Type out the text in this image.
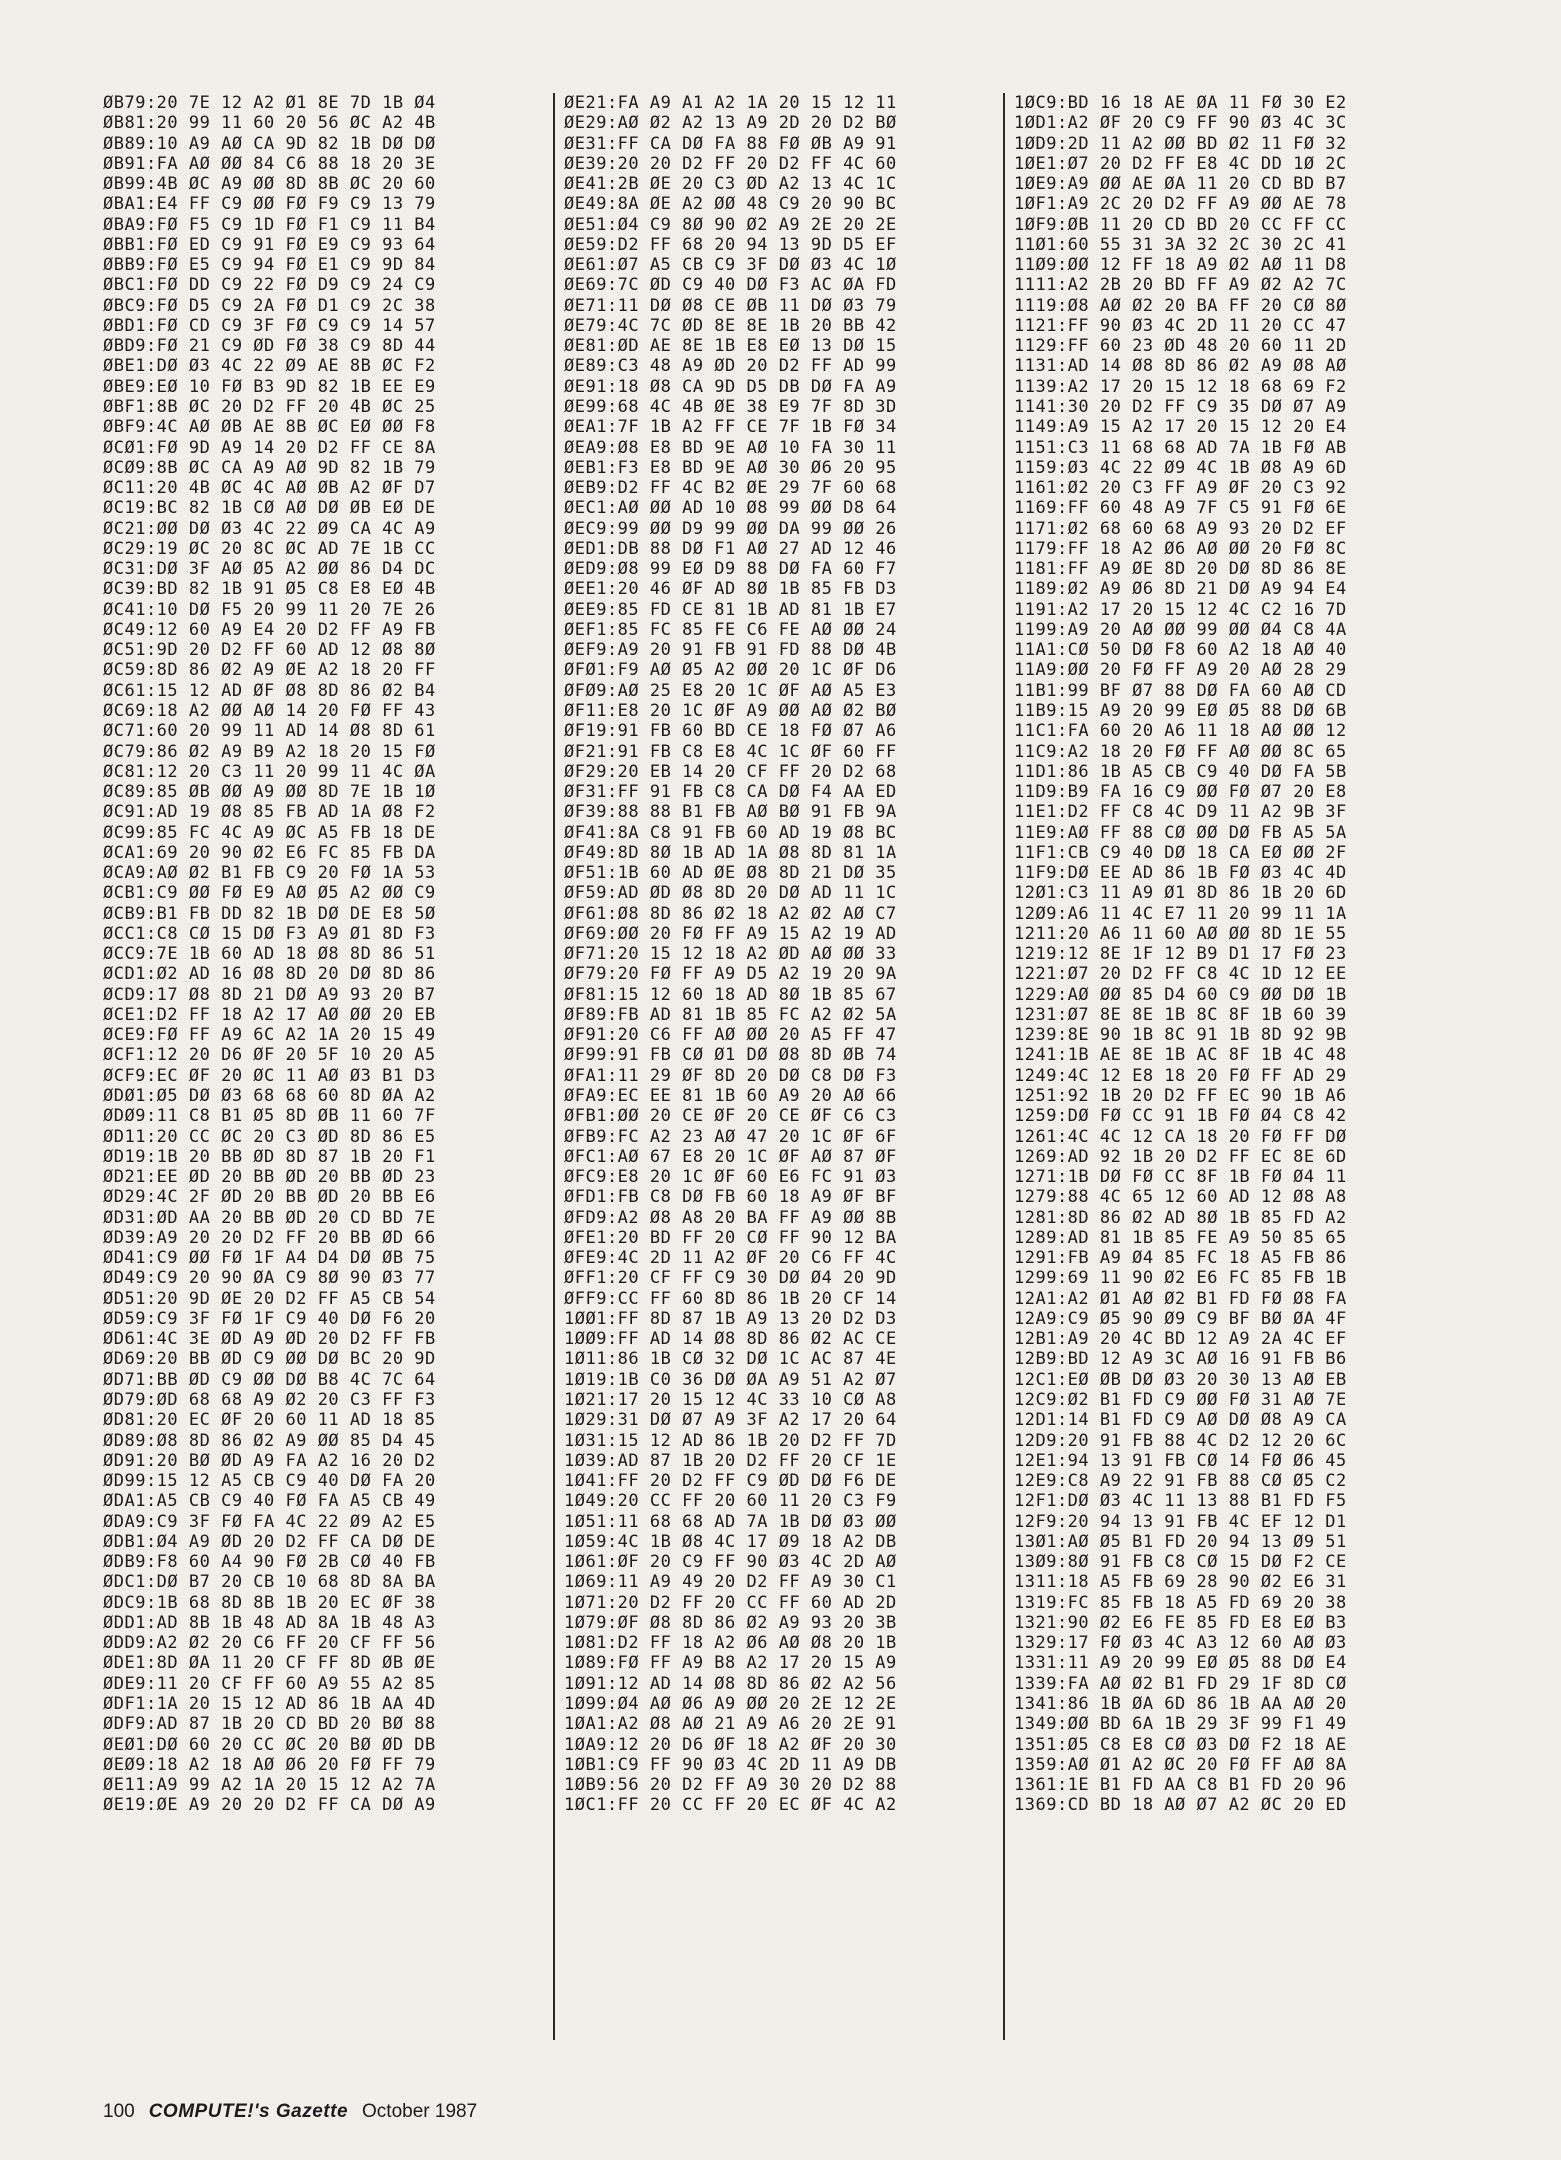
ØB79:20 7E 12 A2 Ø1 8E 7D 1B Ø4
ØB81:20 99 11 60 20 56 ØC A2 4B
ØB89:10 A9 AØ CA 9D 82 1B DØ DØ
ØB91:FA AØ ØØ 84 C6 88 18 20 3E
ØB99:4B ØC A9 ØØ 8D 8B ØC 20 60
ØBA1:E4 FF C9 ØØ FØ F9 C9 13 79
ØBA9:FØ F5 C9 1D FØ F1 C9 11 B4
ØBB1:FØ ED C9 91 FØ E9 C9 93 64
ØBB9:FØ E5 C9 94 FØ E1 C9 9D 84
ØBC1:FØ DD C9 22 FØ D9 C9 24 C9
ØBC9:FØ D5 C9 2A FØ D1 C9 2C 38
ØBD1:FØ CD C9 3F FØ C9 C9 14 57
ØBD9:FØ 21 C9 ØD FØ 38 C9 8D 44
ØBE1:DØ Ø3 4C 22 Ø9 AE 8B ØC F2
ØBE9:EØ 10 FØ B3 9D 82 1B EE E9
ØBF1:8B ØC 20 D2 FF 20 4B ØC 25
ØBF9:4C AØ ØB AE 8B ØC EØ ØØ F8
ØCØ1:FØ 9D A9 14 20 D2 FF CE 8A
ØCØ9:8B ØC CA A9 AØ 9D 82 1B 79
ØC11:20 4B ØC 4C AØ ØB A2 ØF D7
ØC19:BC 82 1B CØ AØ DØ ØB EØ DE
ØC21:ØØ DØ Ø3 4C 22 Ø9 CA 4C A9
ØC29:19 ØC 20 8C ØC AD 7E 1B CC
ØC31:DØ 3F AØ Ø5 A2 ØØ 86 D4 DC
ØC39:BD 82 1B 91 Ø5 C8 E8 EØ 4B
ØC41:10 DØ F5 20 99 11 20 7E 26
ØC49:12 60 A9 E4 20 D2 FF A9 FB
ØC51:9D 20 D2 FF 60 AD 12 Ø8 8Ø
ØC59:8D 86 Ø2 A9 ØE A2 18 20 FF
ØC61:15 12 AD ØF Ø8 8D 86 Ø2 B4
ØC69:18 A2 ØØ AØ 14 20 FØ FF 43
ØC71:60 20 99 11 AD 14 Ø8 8D 61
ØC79:86 Ø2 A9 B9 A2 18 20 15 FØ
ØC81:12 20 C3 11 20 99 11 4C ØA
ØC89:85 ØB ØØ A9 ØØ 8D 7E 1B 1Ø
ØC91:AD 19 Ø8 85 FB AD 1A Ø8 F2
ØC99:85 FC 4C A9 ØC A5 FB 18 DE
ØCA1:69 20 90 Ø2 E6 FC 85 FB DA
ØCA9:AØ Ø2 B1 FB C9 20 FØ 1A 53
ØCB1:C9 ØØ FØ E9 AØ Ø5 A2 ØØ C9
ØCB9:B1 FB DD 82 1B DØ DE E8 5Ø
ØCC1:C8 CØ 15 DØ F3 A9 Ø1 8D F3
ØCC9:7E 1B 60 AD 18 Ø8 8D 86 51
ØCD1:Ø2 AD 16 Ø8 8D 20 DØ 8D 86
ØCD9:17 Ø8 8D 21 DØ A9 93 20 B7
ØCE1:D2 FF 18 A2 17 AØ ØØ 20 EB
ØCE9:FØ FF A9 6C A2 1A 20 15 49
ØCF1:12 20 D6 ØF 20 5F 10 20 A5
ØCF9:EC ØF 20 ØC 11 AØ Ø3 B1 D3
ØDØ1:Ø5 DØ Ø3 68 68 60 8D ØA A2
ØDØ9:11 C8 B1 Ø5 8D ØB 11 60 7F
ØD11:20 CC ØC 20 C3 ØD 8D 86 E5
ØD19:1B 20 BB ØD 8D 87 1B 20 F1
ØD21:EE ØD 20 BB ØD 20 BB ØD 23
ØD29:4C 2F ØD 20 BB ØD 20 BB E6
ØD31:ØD AA 20 BB ØD 20 CD BD 7E
ØD39:A9 20 20 D2 FF 20 BB ØD 66
ØD41:C9 ØØ FØ 1F A4 D4 DØ ØB 75
ØD49:C9 20 90 ØA C9 8Ø 90 Ø3 77
ØD51:20 9D ØE 20 D2 FF A5 CB 54
ØD59:C9 3F FØ 1F C9 40 DØ F6 20
ØD61:4C 3E ØD A9 ØD 20 D2 FF FB
ØD69:20 BB ØD C9 ØØ DØ BC 20 9D
ØD71:BB ØD C9 ØØ DØ B8 4C 7C 64
ØD79:ØD 68 68 A9 Ø2 20 C3 FF F3
ØD81:20 EC ØF 20 60 11 AD 18 85
ØD89:Ø8 8D 86 Ø2 A9 ØØ 85 D4 45
ØD91:20 BØ ØD A9 FA A2 16 20 D2
ØD99:15 12 A5 CB C9 40 DØ FA 20
ØDA1:A5 CB C9 40 FØ FA A5 CB 49
ØDA9:C9 3F FØ FA 4C 22 Ø9 A2 E5
ØDB1:Ø4 A9 ØD 20 D2 FF CA DØ DE
ØDB9:F8 60 A4 90 FØ 2B CØ 40 FB
ØDC1:DØ B7 20 CB 10 68 8D 8A BA
ØDC9:1B 68 8D 8B 1B 20 EC ØF 38
ØDD1:AD 8B 1B 48 AD 8A 1B 48 A3
ØDD9:A2 Ø2 20 C6 FF 20 CF FF 56
ØDE1:8D ØA 11 20 CF FF 8D ØB ØE
ØDE9:11 20 CF FF 60 A9 55 A2 85
ØDF1:1A 20 15 12 AD 86 1B AA 4D
ØDF9:AD 87 1B 20 CD BD 20 BØ 88
ØEØ1:DØ 60 20 CC ØC 20 BØ ØD DB
ØEØ9:18 A2 18 AØ Ø6 20 FØ FF 79
ØE11:A9 99 A2 1A 20 15 12 A2 7A
ØE19:ØE A9 20 20 D2 FF CA DØ A9
ØE21:FA A9 A1 A2 1A 20 15 12 11
ØE29:AØ Ø2 A2 13 A9 2D 20 D2 BØ
ØE31:FF CA DØ FA 88 FØ ØB A9 91
ØE39:20 20 D2 FF 20 D2 FF 4C 60
ØE41:2B ØE 20 C3 ØD A2 13 4C 1C
ØE49:8A ØE A2 ØØ 48 C9 20 90 BC
ØE51:Ø4 C9 8Ø 90 Ø2 A9 2E 20 2E
ØE59:D2 FF 68 20 94 13 9D D5 EF
ØE61:Ø7 A5 CB C9 3F DØ Ø3 4C 1Ø
ØE69:7C ØD C9 40 DØ F3 AC ØA FD
ØE71:11 DØ Ø8 CE ØB 11 DØ Ø3 79
ØE79:4C 7C ØD 8E 8E 1B 20 BB 42
ØE81:ØD AE 8E 1B E8 EØ 13 DØ 15
ØE89:C3 48 A9 ØD 20 D2 FF AD 99
ØE91:18 Ø8 CA 9D D5 DB DØ FA A9
ØE99:68 4C 4B ØE 38 E9 7F 8D 3D
ØEA1:7F 1B A2 FF CE 7F 1B FØ 34
ØEA9:Ø8 E8 BD 9E AØ 10 FA 30 11
ØEB1:F3 E8 BD 9E AØ 30 Ø6 20 95
ØEB9:D2 FF 4C B2 ØE 29 7F 60 68
ØEC1:AØ ØØ AD 10 Ø8 99 ØØ D8 64
ØEC9:99 ØØ D9 99 ØØ DA 99 ØØ 26
ØED1:DB 88 DØ F1 AØ 27 AD 12 46
ØED9:Ø8 99 EØ D9 88 DØ FA 60 F7
ØEE1:20 46 ØF AD 8Ø 1B 85 FB D3
ØEE9:85 FD CE 81 1B AD 81 1B E7
ØEF1:85 FC 85 FE C6 FE AØ ØØ 24
ØEF9:A9 20 91 FB 91 FD 88 DØ 4B
ØFØ1:F9 AØ Ø5 A2 ØØ 20 1C ØF D6
ØFØ9:AØ 25 E8 20 1C ØF AØ A5 E3
ØF11:E8 20 1C ØF A9 ØØ AØ Ø2 BØ
ØF19:91 FB 60 BD CE 18 FØ Ø7 A6
ØF21:91 FB C8 E8 4C 1C ØF 60 FF
ØF29:20 EB 14 20 CF FF 20 D2 68
ØF31:FF 91 FB C8 CA DØ F4 AA ED
ØF39:88 88 B1 FB AØ BØ 91 FB 9A
ØF41:8A C8 91 FB 60 AD 19 Ø8 BC
ØF49:8D 8Ø 1B AD 1A Ø8 8D 81 1A
ØF51:1B 60 AD ØE Ø8 8D 21 DØ 35
ØF59:AD ØD Ø8 8D 20 DØ AD 11 1C
ØF61:Ø8 8D 86 Ø2 18 A2 Ø2 AØ C7
ØF69:ØØ 20 FØ FF A9 15 A2 19 AD
ØF71:20 15 12 18 A2 ØD AØ ØØ 33
ØF79:20 FØ FF A9 D5 A2 19 20 9A
ØF81:15 12 60 18 AD 8Ø 1B 85 67
ØF89:FB AD 81 1B 85 FC A2 Ø2 5A
ØF91:20 C6 FF AØ ØØ 20 A5 FF 47
ØF99:91 FB CØ Ø1 DØ Ø8 8D ØB 74
ØFA1:11 29 ØF 8D 20 DØ C8 DØ F3
ØFA9:EC EE 81 1B 60 A9 20 AØ 66
ØFB1:ØØ 20 CE ØF 20 CE ØF C6 C3
ØFB9:FC A2 23 AØ 47 20 1C ØF 6F
ØFC1:AØ 67 E8 20 1C ØF AØ 87 ØF
ØFC9:E8 20 1C ØF 60 E6 FC 91 Ø3
ØFD1:FB C8 DØ FB 60 18 A9 ØF BF
ØFD9:A2 Ø8 A8 20 BA FF A9 ØØ 8B
ØFE1:20 BD FF 20 CØ FF 90 12 BA
ØFE9:4C 2D 11 A2 ØF 20 C6 FF 4C
ØFF1:20 CF FF C9 30 DØ Ø4 20 9D
ØFF9:CC FF 60 8D 86 1B 20 CF 14
1ØØ1:FF 8D 87 1B A9 13 20 D2 D3
1ØØ9:FF AD 14 Ø8 8D 86 Ø2 AC CE
1Ø11:86 1B CØ 32 DØ 1C AC 87 4E
1Ø19:1B C0 36 DØ ØA A9 51 A2 Ø7
1Ø21:17 20 15 12 4C 33 10 CØ A8
1Ø29:31 DØ Ø7 A9 3F A2 17 20 64
1Ø31:15 12 AD 86 1B 20 D2 FF 7D
1Ø39:AD 87 1B 20 D2 FF 20 CF 1E
1Ø41:FF 20 D2 FF C9 ØD DØ F6 DE
1Ø49:20 CC FF 20 60 11 20 C3 F9
1Ø51:11 68 68 AD 7A 1B DØ Ø3 ØØ
1Ø59:4C 1B Ø8 4C 17 Ø9 18 A2 DB
1Ø61:ØF 20 C9 FF 90 Ø3 4C 2D AØ
1Ø69:11 A9 49 20 D2 FF A9 30 C1
1Ø71:20 D2 FF 20 CC FF 60 AD 2D
1Ø79:ØF Ø8 8D 86 Ø2 A9 93 20 3B
1Ø81:D2 FF 18 A2 Ø6 AØ Ø8 20 1B
1Ø89:FØ FF A9 B8 A2 17 20 15 A9
1Ø91:12 AD 14 Ø8 8D 86 Ø2 A2 56
1Ø99:Ø4 AØ Ø6 A9 ØØ 20 2E 12 2E
1ØA1:A2 Ø8 AØ 21 A9 A6 20 2E 91
1ØA9:12 20 D6 ØF 18 A2 ØF 20 30
1ØB1:C9 FF 90 Ø3 4C 2D 11 A9 DB
1ØB9:56 20 D2 FF A9 30 20 D2 88
1ØC1:FF 20 CC FF 20 EC ØF 4C A2
1ØC9:BD 16 18 AE ØA 11 FØ 30 E2
1ØD1:A2 ØF 20 C9 FF 90 Ø3 4C 3C
1ØD9:2D 11 A2 ØØ BD Ø2 11 FØ 32
1ØE1:Ø7 20 D2 FF E8 4C DD 1Ø 2C
1ØE9:A9 ØØ AE ØA 11 20 CD BD B7
1ØF1:A9 2C 20 D2 FF A9 ØØ AE 78
1ØF9:ØB 11 20 CD BD 20 CC FF CC
11Ø1:60 55 31 3A 32 2C 30 2C 41
11Ø9:ØØ 12 FF 18 A9 Ø2 AØ 11 D8
1111:A2 2B 20 BD FF A9 Ø2 A2 7C
1119:Ø8 AØ Ø2 20 BA FF 20 CØ 8Ø
1121:FF 90 Ø3 4C 2D 11 20 CC 47
1129:FF 60 23 ØD 48 20 60 11 2D
1131:AD 14 Ø8 8D 86 Ø2 A9 Ø8 AØ
1139:A2 17 20 15 12 18 68 69 F2
1141:30 20 D2 FF C9 35 DØ Ø7 A9
1149:A9 15 A2 17 20 15 12 20 E4
1151:C3 11 68 68 AD 7A 1B FØ AB
1159:Ø3 4C 22 Ø9 4C 1B Ø8 A9 6D
1161:Ø2 20 C3 FF A9 ØF 20 C3 92
1169:FF 60 48 A9 7F C5 91 FØ 6E
1171:Ø2 68 60 68 A9 93 20 D2 EF
1179:FF 18 A2 Ø6 AØ ØØ 20 FØ 8C
1181:FF A9 ØE 8D 20 DØ 8D 86 8E
1189:Ø2 A9 Ø6 8D 21 DØ A9 94 E4
1191:A2 17 20 15 12 4C C2 16 7D
1199:A9 20 AØ ØØ 99 ØØ Ø4 C8 4A
11A1:CØ 50 DØ F8 60 A2 18 AØ 40
11A9:ØØ 20 FØ FF A9 20 AØ 28 29
11B1:99 BF Ø7 88 DØ FA 60 AØ CD
11B9:15 A9 20 99 EØ Ø5 88 DØ 6B
11C1:FA 60 20 A6 11 18 AØ ØØ 12
11C9:A2 18 20 FØ FF AØ ØØ 8C 65
11D1:86 1B A5 CB C9 40 DØ FA 5B
11D9:B9 FA 16 C9 ØØ FØ Ø7 20 E8
11E1:D2 FF C8 4C D9 11 A2 9B 3F
11E9:AØ FF 88 CØ ØØ DØ FB A5 5A
11F1:CB C9 40 DØ 18 CA EØ ØØ 2F
11F9:DØ EE AD 86 1B FØ Ø3 4C 4D
12Ø1:C3 11 A9 Ø1 8D 86 1B 20 6D
12Ø9:A6 11 4C E7 11 20 99 11 1A
1211:20 A6 11 60 AØ ØØ 8D 1E 55
1219:12 8E 1F 12 B9 D1 17 FØ 23
1221:Ø7 20 D2 FF C8 4C 1D 12 EE
1229:AØ ØØ 85 D4 60 C9 ØØ DØ 1B
1231:Ø7 8E 8E 1B 8C 8F 1B 60 39
1239:8E 90 1B 8C 91 1B 8D 92 9B
1241:1B AE 8E 1B AC 8F 1B 4C 48
1249:4C 12 E8 18 20 FØ FF AD 29
1251:92 1B 20 D2 FF EC 90 1B A6
1259:DØ FØ CC 91 1B FØ Ø4 C8 42
1261:4C 4C 12 CA 18 20 FØ FF DØ
1269:AD 92 1B 20 D2 FF EC 8E 6D
1271:1B DØ FØ CC 8F 1B FØ Ø4 11
1279:88 4C 65 12 60 AD 12 Ø8 A8
1281:8D 86 Ø2 AD 8Ø 1B 85 FD A2
1289:AD 81 1B 85 FE A9 50 85 65
1291:FB A9 Ø4 85 FC 18 A5 FB 86
1299:69 11 90 Ø2 E6 FC 85 FB 1B
12A1:A2 Ø1 AØ Ø2 B1 FD FØ Ø8 FA
12A9:C9 Ø5 90 Ø9 C9 BF BØ ØA 4F
12B1:A9 20 4C BD 12 A9 2A 4C EF
12B9:BD 12 A9 3C AØ 16 91 FB B6
12C1:EØ ØB DØ Ø3 20 30 13 AØ EB
12C9:Ø2 B1 FD C9 ØØ FØ 31 AØ 7E
12D1:14 B1 FD C9 AØ DØ Ø8 A9 CA
12D9:20 91 FB 88 4C D2 12 20 6C
12E1:94 13 91 FB CØ 14 FØ Ø6 45
12E9:C8 A9 22 91 FB 88 CØ Ø5 C2
12F1:DØ Ø3 4C 11 13 88 B1 FD F5
12F9:20 94 13 91 FB 4C EF 12 D1
13Ø1:AØ Ø5 B1 FD 20 94 13 Ø9 51
13Ø9:8Ø 91 FB C8 CØ 15 DØ F2 CE
1311:18 A5 FB 69 28 90 Ø2 E6 31
1319:FC 85 FB 18 A5 FD 69 20 38
1321:90 Ø2 E6 FE 85 FD E8 EØ B3
1329:17 FØ Ø3 4C A3 12 60 AØ Ø3
1331:11 A9 20 99 EØ Ø5 88 DØ E4
1339:FA AØ Ø2 B1 FD 29 1F 8D CØ
1341:86 1B ØA 6D 86 1B AA AØ 20
1349:ØØ BD 6A 1B 29 3F 99 F1 49
1351:Ø5 C8 E8 CØ Ø3 DØ F2 18 AE
1359:AØ Ø1 A2 ØC 20 FØ FF AØ 8A
1361:1E B1 FD AA C8 B1 FD 20 96
1369:CD BD 18 AØ Ø7 A2 ØC 20 ED
100 COMPUTE!'s Gazette October 1987
